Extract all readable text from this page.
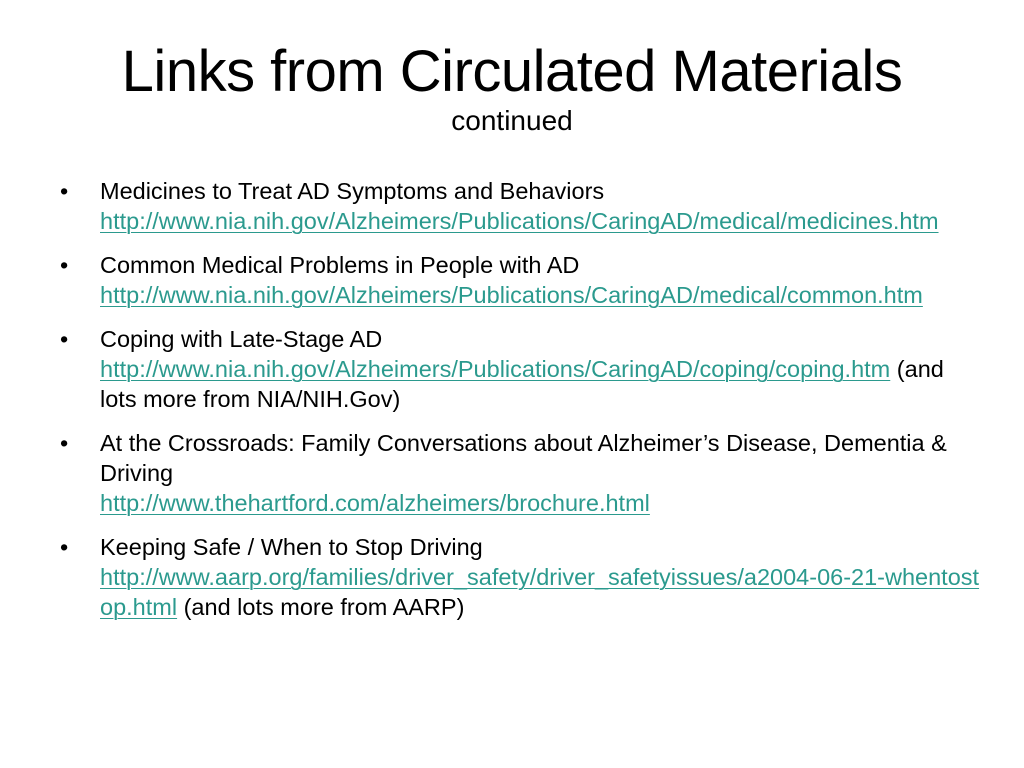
Links from Circulated Materials

continued

•	Medicines to Treat AD Symptoms and Behaviors
http://www.nia.nih.gov/Alzheimers/Publications/CaringAD/medical/medicines.htm
•	Common Medical Problems in People with AD
http://www.nia.nih.gov/Alzheimers/Publications/CaringAD/medical/common.htm
•	Coping with Late-Stage AD
http://www.nia.nih.gov/Alzheimers/Publications/CaringAD/coping/coping.htm (and lots more from NIA/NIH.Gov)
•	At the Crossroads: Family Conversations about Alzheimer’s Disease, Dementia & Driving
http://www.thehartford.com/alzheimers/brochure.html
•	Keeping Safe / When to Stop Driving
http://www.aarp.org/families/driver_safety/driver_safetyissues/a2004-06-21-whentostop.html (and lots more from AARP)
